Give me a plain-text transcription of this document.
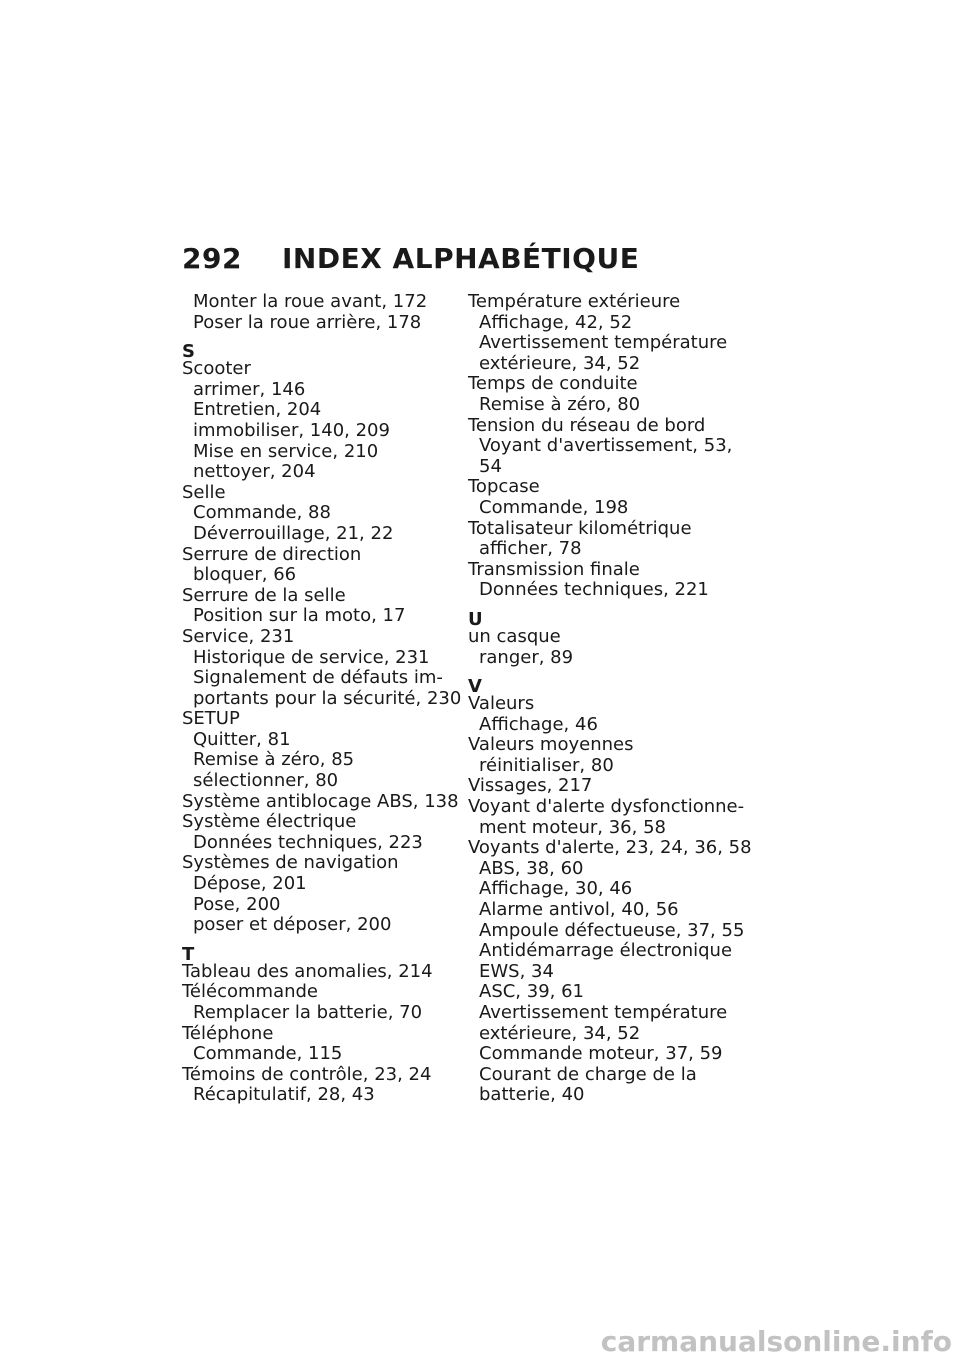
292 INDEX ALPHABÉTIQUE
Monter la roue avant, 172
Poser la roue arrière, 178
S
Scooter
arrimer, 146
Entretien, 204
immobiliser, 140, 209
Mise en service, 210
nettoyer, 204
Selle
Commande, 88
Déverrouillage, 21, 22
Serrure de direction
bloquer, 66
Serrure de la selle
Position sur la moto, 17
Service, 231
Historique de service, 231
Signalement de défauts im-
portants pour la sécurité, 230
SETUP
Quitter, 81
Remise à zéro, 85
sélectionner, 80
Système antiblocage ABS, 138
Système électrique
Données techniques, 223
Systèmes de navigation
Dépose, 201
Pose, 200
poser et déposer, 200
T
Tableau des anomalies, 214
Télécommande
Remplacer la batterie, 70
Téléphone
Commande, 115
Témoins de contrôle, 23, 24
Récapitulatif, 28, 43
Température extérieure
Affichage, 42, 52
Avertissement température
extérieure, 34, 52
Temps de conduite
Remise à zéro, 80
Tension du réseau de bord
Voyant d'avertissement, 53,
54
Topcase
Commande, 198
Totalisateur kilométrique
afficher, 78
Transmission finale
Données techniques, 221
U
un casque
ranger, 89
V
Valeurs
Affichage, 46
Valeurs moyennes
réinitialiser, 80
Vissages, 217
Voyant d'alerte dysfonctionne-
ment moteur, 36, 58
Voyants d'alerte, 23, 24, 36, 58
ABS, 38, 60
Affichage, 30, 46
Alarme antivol, 40, 56
Ampoule défectueuse, 37, 55
Antidémarrage électronique
EWS, 34
ASC, 39, 61
Avertissement température
extérieure, 34, 52
Commande moteur, 37, 59
Courant de charge de la
batterie, 40
carmanualsonline.info
